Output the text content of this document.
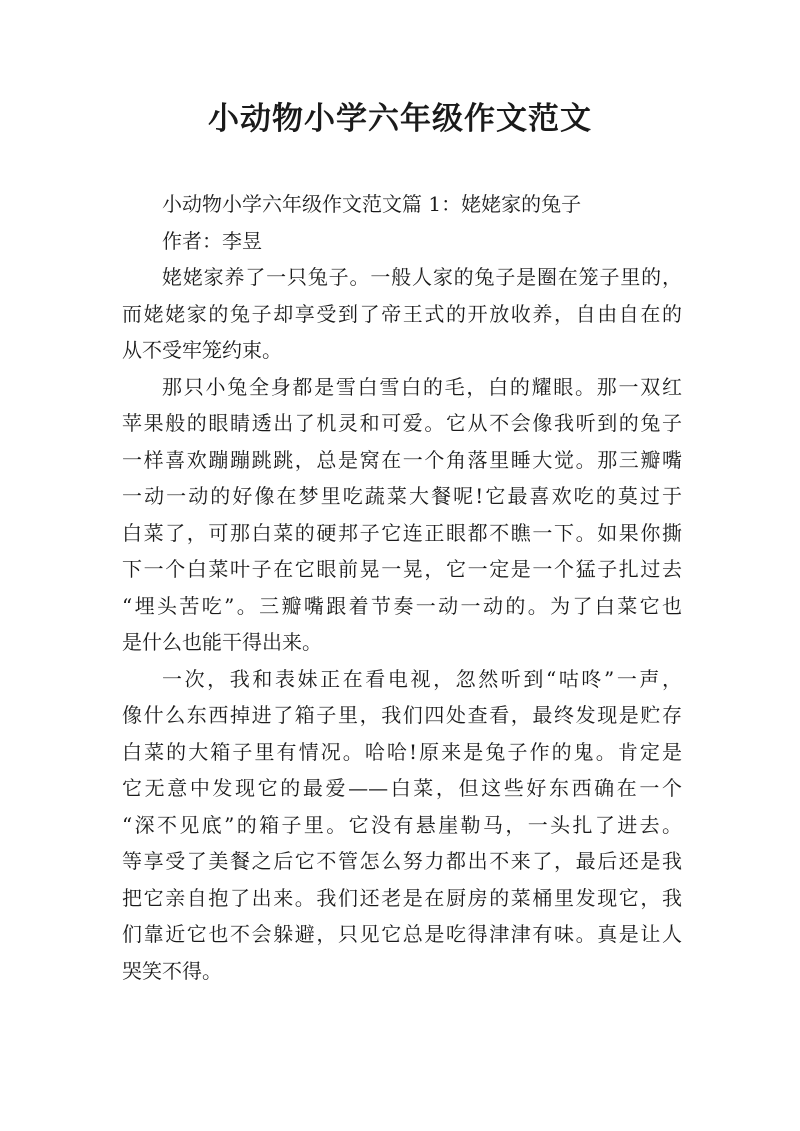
小动物小学六年级作文范文
小动物小学六年级作文范文篇 1：姥姥家的兔子
作者：李昱
姥姥家养了一只兔子。一般人家的兔子是圈在笼子里的，
而姥姥家的兔子却享受到了帝王式的开放收养，自由自在的
从不受牢笼约束。
那只小兔全身都是雪白雪白的毛，白的耀眼。那一双红
苹果般的眼睛透出了机灵和可爱。它从不会像我听到的兔子
一样喜欢蹦蹦跳跳，总是窝在一个角落里睡大觉。那三瓣嘴
一动一动的好像在梦里吃蔬菜大餐呢!它最喜欢吃的莫过于
白菜了，可那白菜的硬邦子它连正眼都不瞧一下。如果你撕
下一个白菜叶子在它眼前晃一晃，它一定是一个猛子扎过去
“埋头苦吃”。三瓣嘴跟着节奏一动一动的。为了白菜它也
是什么也能干得出来。
一次，我和表妹正在看电视，忽然听到“咕咚”一声，
像什么东西掉进了箱子里，我们四处查看，最终发现是贮存
白菜的大箱子里有情况。哈哈!原来是兔子作的鬼。肯定是
它无意中发现它的最爱——白菜，但这些好东西确在一个
“深不见底”的箱子里。它没有悬崖勒马，一头扎了进去。
等享受了美餐之后它不管怎么努力都出不来了，最后还是我
把它亲自抱了出来。我们还老是在厨房的菜桶里发现它，我
们靠近它也不会躲避，只见它总是吃得津津有味。真是让人
哭笑不得。
